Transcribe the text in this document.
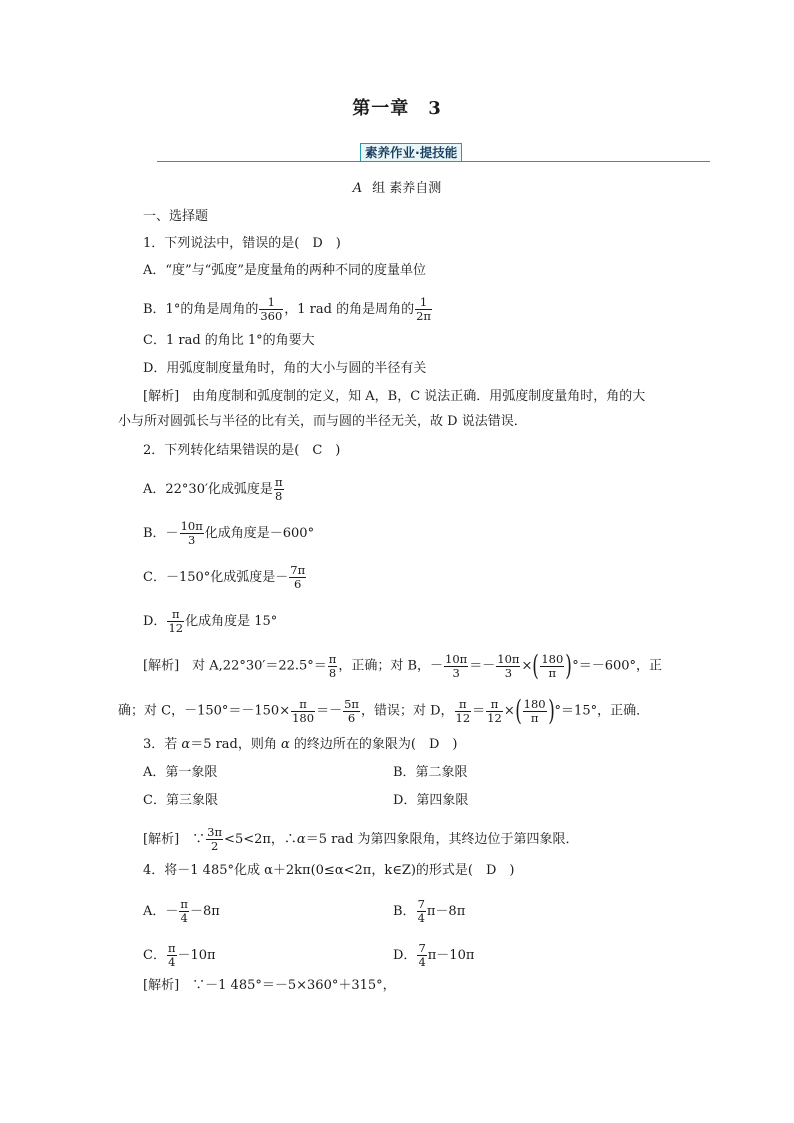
第一章　3
素养作业·提技能
A 组 素养自测
一、选择题
1．下列说法中，错误的是(　D　)
A．“度”与“弧度”是度量角的两种不同的度量单位
B．1°的角是周角的 $\frac{1}{360}$ ，1 rad 的角是周角的 $\frac{1}{2\pi}$
C．1 rad 的角比 1°的角要大
D．用弧度制度量角时，角的大小与圆的半径有关
[解析]　由角度制和弧度制的定义，知 A，B，C 说法正确．用弧度制度量角时，角的大
小与所对圆弧长与半径的比有关，而与圆的半径无关，故 D 说法错误．
2．下列转化结果错误的是(　C　)
A．22°30′化成弧度是 $\frac{\pi}{8}$
B．－ $\frac{10\pi}{3}$ 化成角度是－600°
C．－150°化成弧度是－ $\frac{7\pi}{6}$
D． $\frac{\pi}{12}$ 化成角度是 15°
[解析]　对 $A,22^\circ 30'=22.5^\circ= \frac{\pi}{8}$ ，正确；对 B，－ $\frac{10\pi}{3} =- \frac{10\pi}{3}$ ×( $\frac{180}{\pi} )^\circ=-600^\circ$，正
确；对 C，$-150^\circ=-150\times \frac{\pi}{180} =- \frac{5\pi}{6}$ ，错误；对 D， $\frac{\pi}{12} = \frac{\pi}{12}$ ×( $\frac{180}{\pi} )^\circ=15^\circ$，正确．
3．若 α＝5 rad，则角 α 的终边所在的象限为(　D　)
A．第一象限	B．第二象限
C．第三象限	D．第四象限
[解析]　∵ $\frac{3\pi}{2} <5<2\pi$，∴α＝5 rad 为第四象限角，其终边位于第四象限．
4．将－1 485°化成 α＋2kπ(0≤α<2π，k∈Z)的形式是(　D　)
A．－ $\frac{\pi}{4} -8\pi$	B． $\frac{7}{4} \pi-8\pi$
C． $\frac{\pi}{4} -10\pi$	D． $\frac{7}{4} \pi-10\pi$
[解析]　∵－1 485°＝－5×360°＋315°，
